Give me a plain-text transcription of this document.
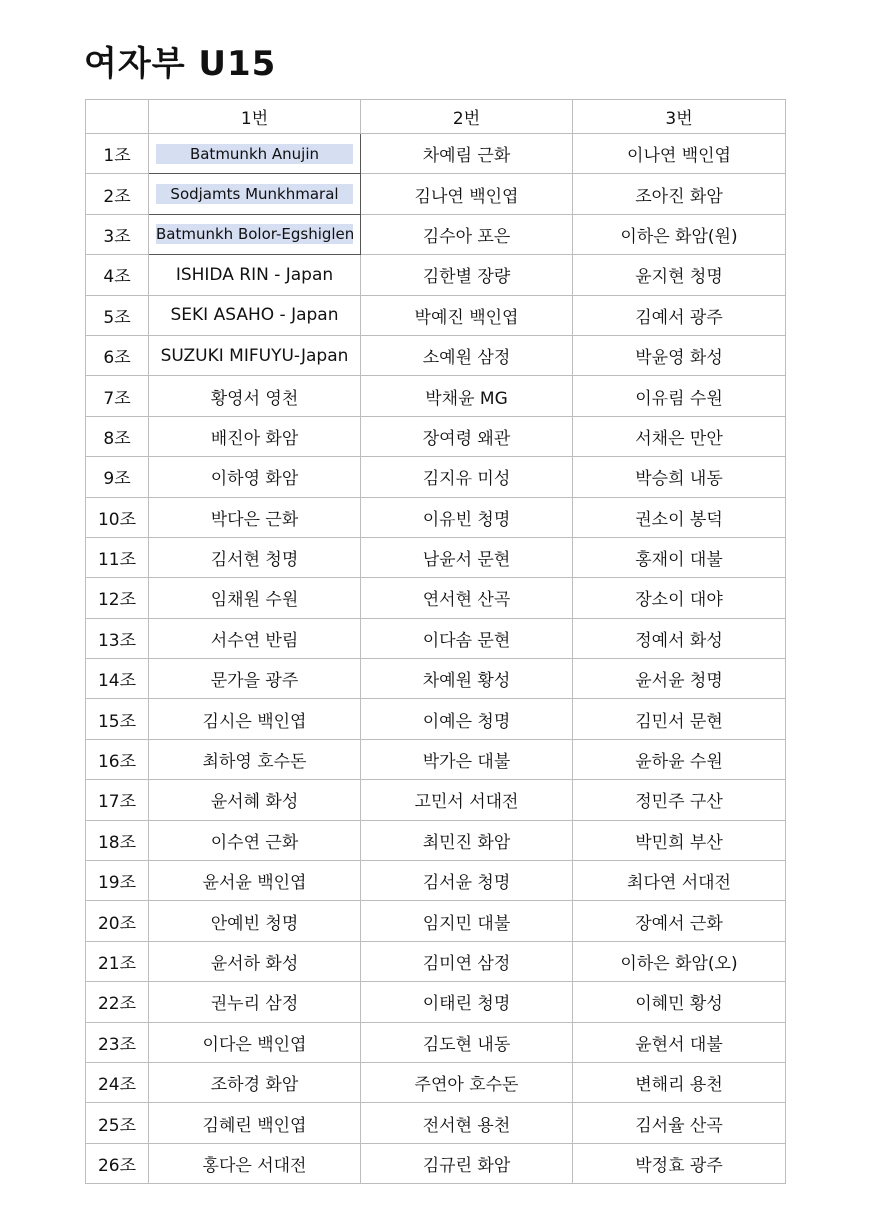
여자부 U15
	1번	2번	3번
1조	Batmunkh Anujin	차예림 근화	이나연 백인엽
2조	Sodjamts Munkhmaral	김나연 백인엽	조아진 화암
3조	Batmunkh Bolor-Egshiglen	김수아 포은	이하은 화암(원)
4조	ISHIDA RIN - Japan	김한별 장량	윤지현 청명
5조	SEKI ASAHO - Japan	박예진 백인엽	김예서 광주
6조	SUZUKI MIFUYU-Japan	소예원 삼정	박윤영 화성
7조	황영서 영천	박채윤 MG	이유림 수원
8조	배진아 화암	장여령 왜관	서채은 만안
9조	이하영 화암	김지유 미성	박승희 내동
10조	박다은 근화	이유빈 청명	권소이 봉덕
11조	김서현 청명	남윤서 문현	홍재이 대불
12조	임채원 수원	연서현 산곡	장소이 대야
13조	서수연 반림	이다솜 문현	정예서 화성
14조	문가을 광주	차예원 황성	윤서윤 청명
15조	김시은 백인엽	이예은 청명	김민서 문현
16조	최하영 호수돈	박가은 대불	윤하윤 수원
17조	윤서혜 화성	고민서 서대전	정민주 구산
18조	이수연 근화	최민진 화암	박민희 부산
19조	윤서윤 백인엽	김서윤 청명	최다연 서대전
20조	안예빈 청명	임지민 대불	장예서 근화
21조	윤서하 화성	김미연 삼정	이하은 화암(오)
22조	권누리 삼정	이태린 청명	이혜민 황성
23조	이다은 백인엽	김도현 내동	윤현서 대불
24조	조하경 화암	주연아 호수돈	변해리 용천
25조	김혜린 백인엽	전서현 용천	김서율 산곡
26조	홍다은 서대전	김규린 화암	박정효 광주
